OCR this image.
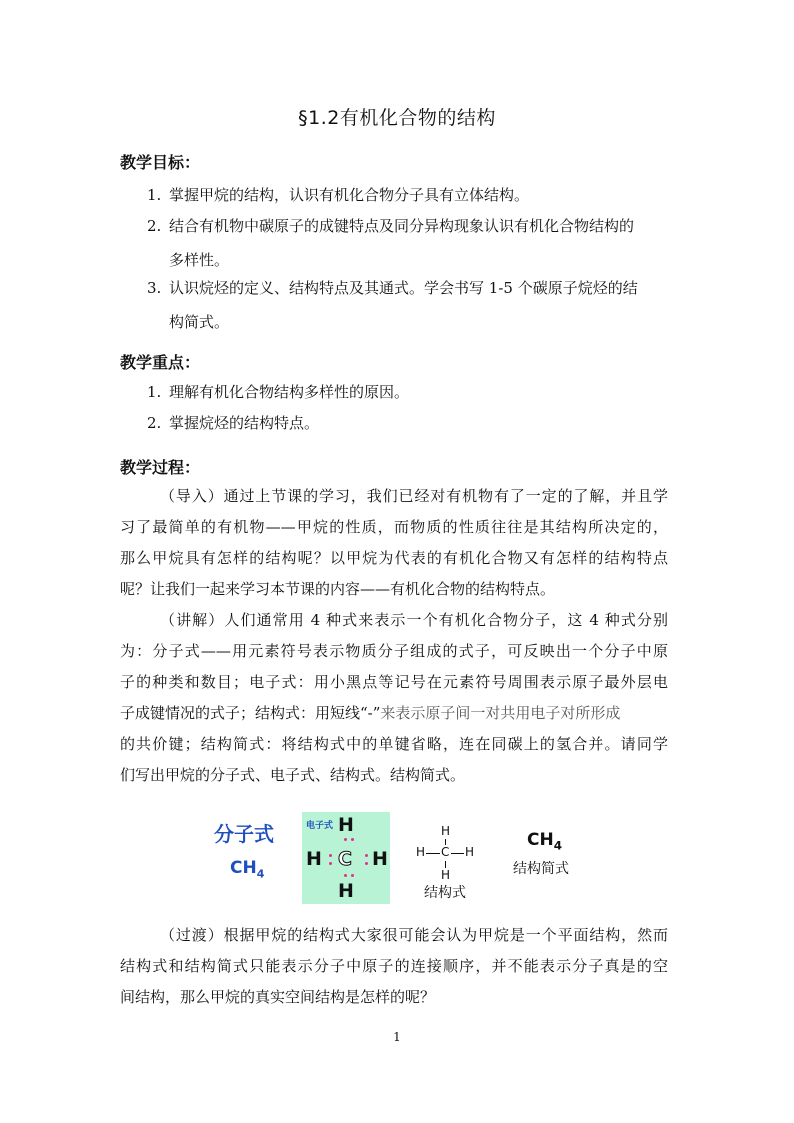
§1.2有机化合物的结构
教学目标：
1. 掌握甲烷的结构，认识有机化合物分子具有立体结构。
2. 结合有机物中碳原子的成键特点及同分异构现象认识有机化合物结构的
多样性。
3. 认识烷烃的定义、结构特点及其通式。学会书写 1-5 个碳原子烷烃的结
构简式。
教学重点：
1. 理解有机化合物结构多样性的原因。
2. 掌握烷烃的结构特点。
教学过程：
（导入）通过上节课的学习，我们已经对有机物有了一定的了解，并且学
习了最简单的有机物——甲烷的性质，而物质的性质往往是其结构所决定的，
那么甲烷具有怎样的结构呢？以甲烷为代表的有机化合物又有怎样的结构特点
呢？让我们一起来学习本节课的内容——有机化合物的结构特点。
（讲解）人们通常用 4 种式来表示一个有机化合物分子，这 4 种式分别
为：分子式——用元素符号表示物质分子组成的式子，可反映出一个分子中原
子的种类和数目；电子式：用小黑点等记号在元素符号周围表示原子最外层电
子成键情况的式子；结构式：用短线“-”来表示原子间一对共用电子对所形成
的共价键；结构简式：将结构式中的单键省略，连在同碳上的氢合并。请同学
们写出甲烷的分子式、电子式、结构式。结构简式。
分子式
$CH_4$
电子式 H
H C H
H
H
H C H
H
结构式
$CH_4$
结构简式
（过渡）根据甲烷的结构式大家很可能会认为甲烷是一个平面结构，然而
结构式和结构简式只能表示分子中原子的连接顺序，并不能表示分子真是的空
间结构，那么甲烷的真实空间结构是怎样的呢？
1
